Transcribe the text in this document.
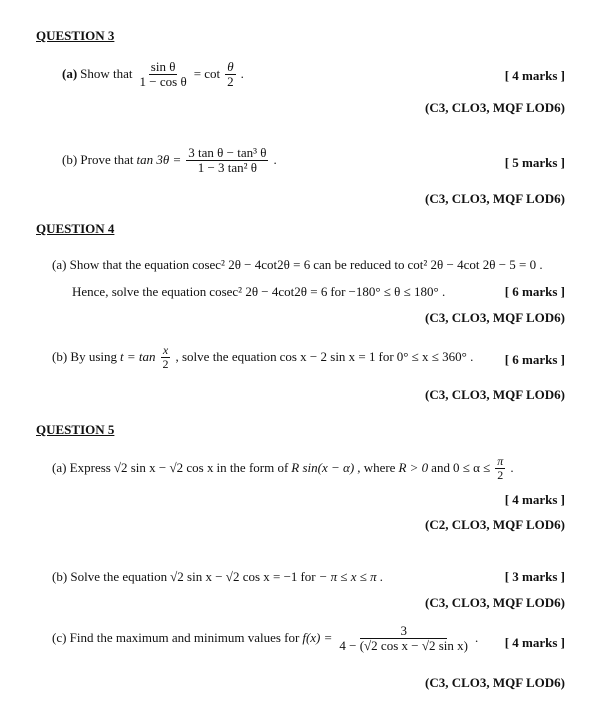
QUESTION 3
(a) Show that $\frac{\text{sin θ}}{\text{1 − cos θ}} = \cot \frac{\theta}{2}$ .	[ 4 marks ]
(C3, CLO3, MQF LOD6)
(b) Prove that $\tan 3\theta = \frac{\text{3 tan θ − tan³ θ}}{\text{1 − 3 tan² θ}}$ .	[ 5 marks ]
(C3, CLO3, MQF LOD6)
QUESTION 4
(a) Show that the equation cosec² 2θ − 4cot2θ = 6 can be reduced to cot² 2θ − 4cot 2θ − 5 = 0 .
Hence, solve the equation cosec² 2θ − 4cot2θ = 6 for −180° ≤ θ ≤ 180° .	[ 6 marks ]
(C3, CLO3, MQF LOD6)
(b) By using $t = \tan \frac{x}{2}$ , solve the equation cos x − 2 sin x = 1 for 0° ≤ x ≤ 360° . [ 6 marks ]
(C3, CLO3, MQF LOD6)
QUESTION 5
(a) Express √2 sin x − √2 cos x in the form of R sin(x − α) , where R > 0 and $0 \le \alpha \le \frac{\pi}{2}$ .
[ 4 marks ]
(C2, CLO3, MQF LOD6)
(b) Solve the equation √2 sin x − √2 cos x = −1 for − π ≤ x ≤ π .	[ 3 marks ]
(C3, CLO3, MQF LOD6)
(c) Find the maximum and minimum values for $f(x) = \frac{3}{\text{4 − (√2 cos x − √2 sin x)}}$ . [ 4 marks ]
(C3, CLO3, MQF LOD6)
